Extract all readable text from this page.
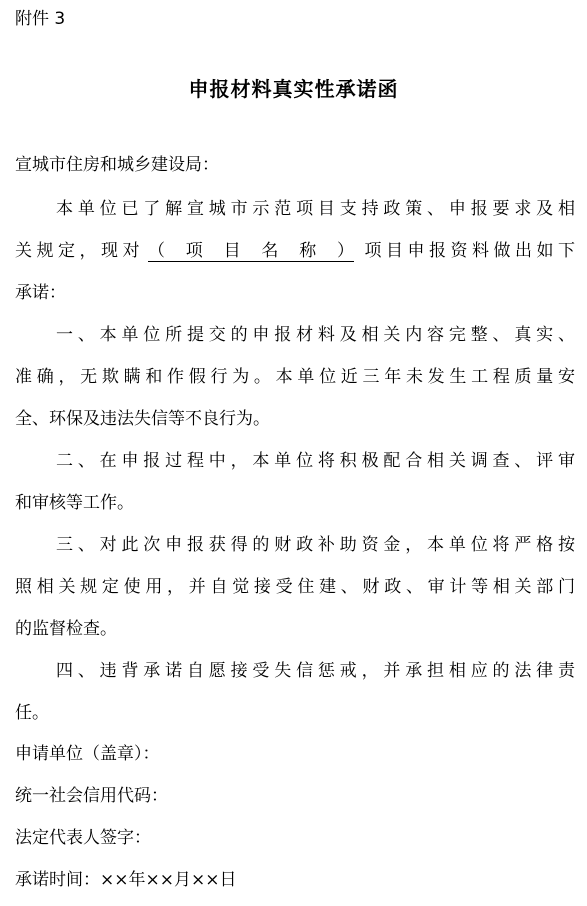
附件 3
申报材料真实性承诺函
宣城市住房和城乡建设局：
本单位已了解宣城市示范项目支持政策、申报要求及相
关规定，现对 （项目名称） 项目申报资料做出如下
承诺：
一、本单位所提交的申报材料及相关内容完整、真实、
准确，无欺瞒和作假行为。本单位近三年未发生工程质量安
全、环保及违法失信等不良行为。
二、在申报过程中，本单位将积极配合相关调查、评审
和审核等工作。
三、对此次申报获得的财政补助资金，本单位将严格按
照相关规定使用，并自觉接受住建、财政、审计等相关部门
的监督检查。
四、违背承诺自愿接受失信惩戒，并承担相应的法律责
任。
申请单位（盖章）：
统一社会信用代码：
法定代表人签字：
承诺时间：××年××月××日
